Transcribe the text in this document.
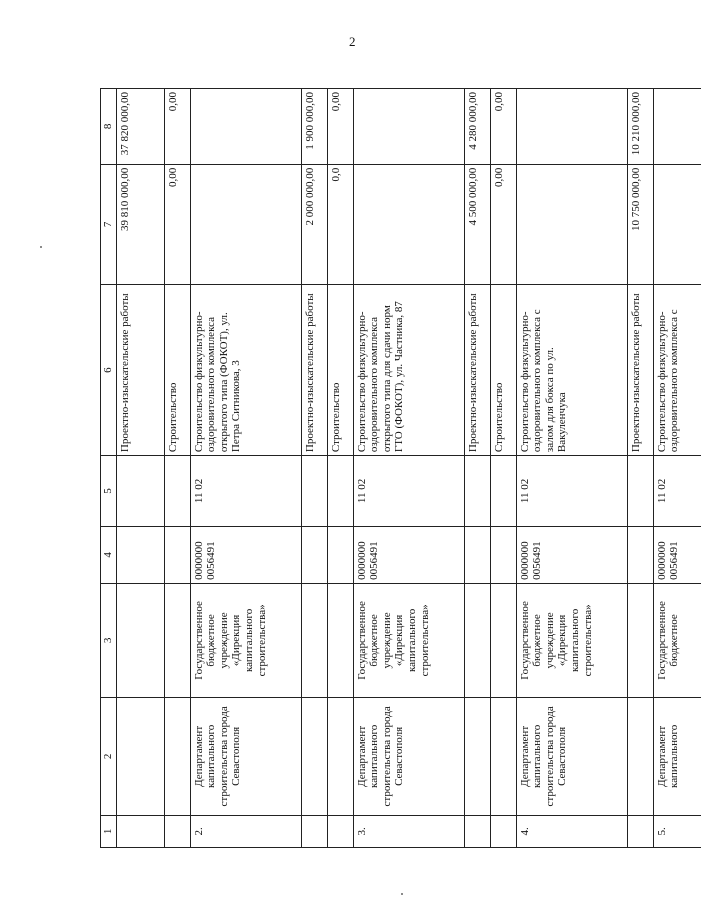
2
1	2	3	4	5	6	7	8
					Проектно-изыскательские работы	39 810 000,00	37 820 000,00
					Строительство	0,00	0,00
2.	Департамент капитального строительства города Севастополя	Государственное бюджетное учреждение «Дирекция капитального строительства»	0000000 0056491	11 02	Строительство физкультурно-оздоровительного комплекса открытого типа (ФОКОТ), ул. Петра Ситникова, 3		
					Проектно-изыскательские работы	2 000 000,00	1 900 000,00
					Строительство	0,0	0,00
3.	Департамент капитального строительства города Севастополя	Государственное бюджетное учреждение «Дирекция капитального строительства»	0000000 0056491	11 02	Строительство физкультурно-оздоровительного комплекса открытого типа для сдачи норм ГТО (ФОКОТ), ул. Частника, 87		
					Проектно-изыскательские работы	4 500 000,00	4 280 000,00
					Строительство	0,00	0,00
4.	Департамент капитального строительства города Севастополя	Государственное бюджетное учреждение «Дирекция капитального строительства»	0000000 0056491	11 02	Строительство физкультурно-оздоровительного комплекса с залом для бокса по ул. Вакуленчука		
					Проектно-изыскательские работы	10 750 000,00	10 210 000,00
5.	Департамент капитального	Государственное бюджетное	0000000 0056491	11 02	Строительство физкультурно-оздоровительного комплекса с		
